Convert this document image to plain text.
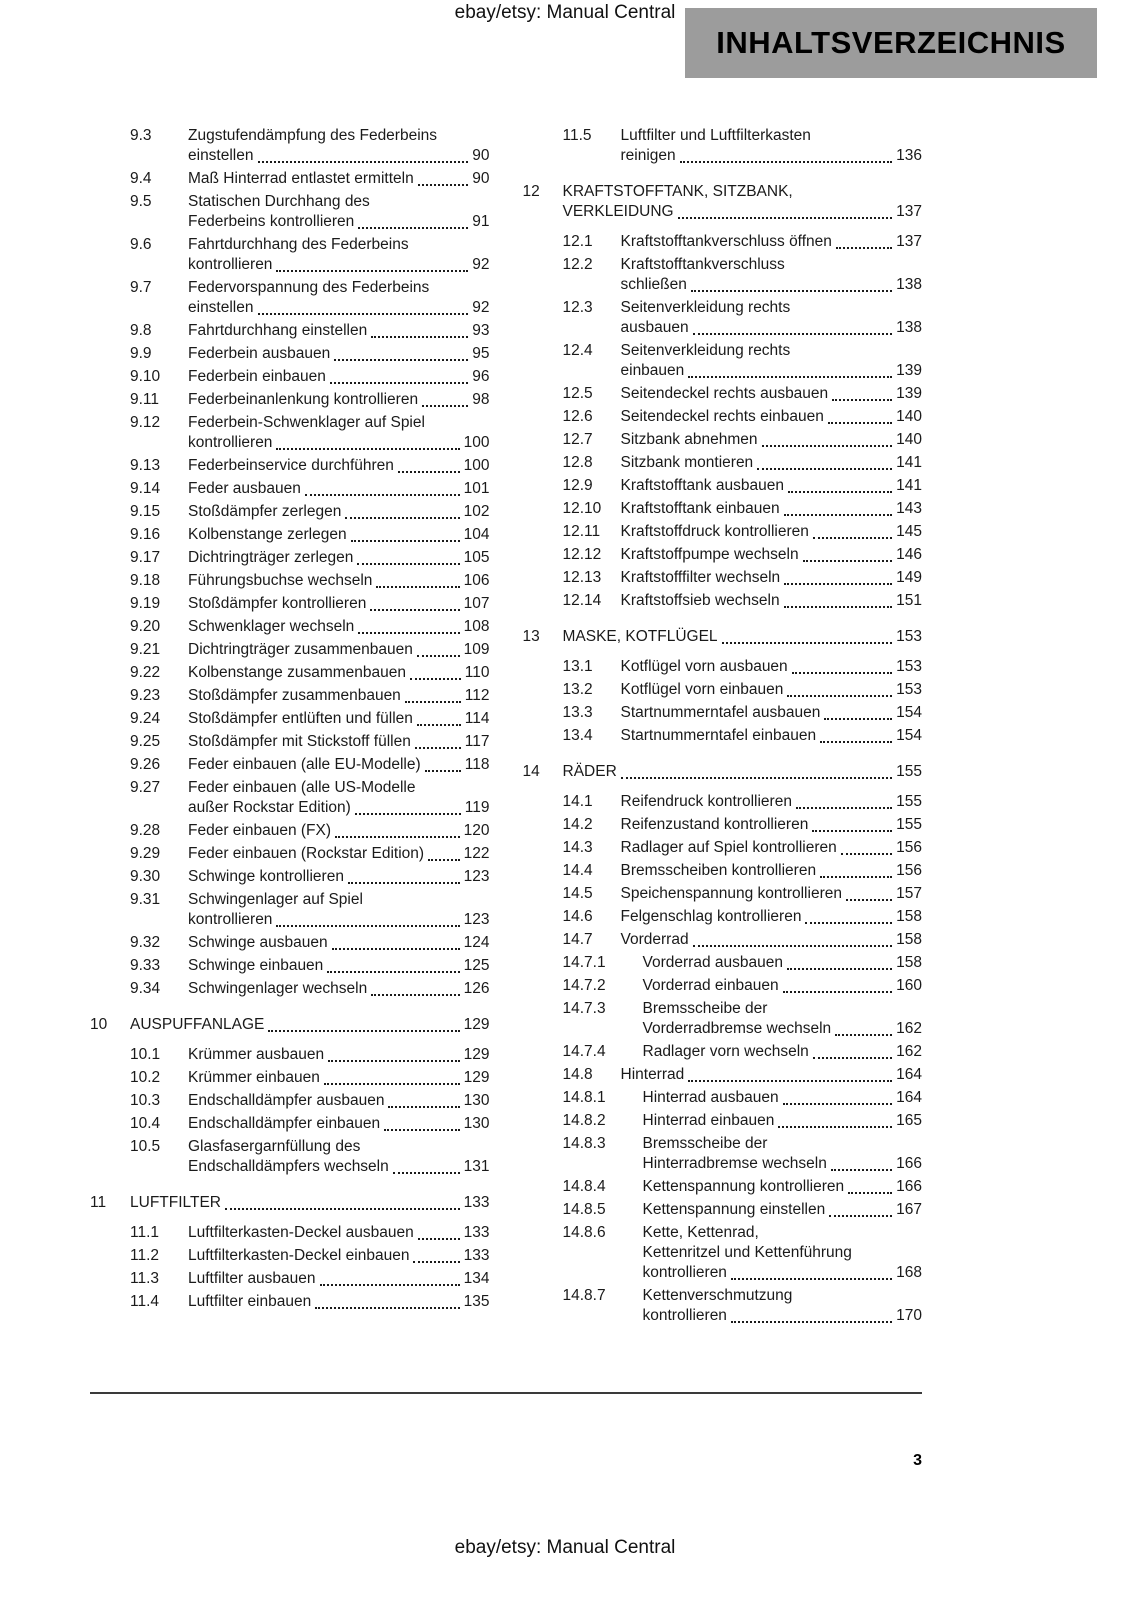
ebay/etsy: Manual Central
INHALTSVERZEICHNIS
9.3	Zugstufendämpfung des Federbeins
einstellen	90
9.4	Maß Hinterrad entlastet ermitteln	90
9.5	Statischen Durchhang des
Federbeins kontrollieren	91
9.6	Fahrtdurchhang des Federbeins
kontrollieren	92
9.7	Federvorspannung des Federbeins
einstellen	92
9.8	Fahrtdurchhang einstellen	93
9.9	Federbein ausbauen	95
9.10	Federbein einbauen	96
9.11	Federbeinanlenkung kontrollieren	98
9.12	Federbein-Schwenklager auf Spiel
kontrollieren	100
9.13	Federbeinservice durchführen	100
9.14	Feder ausbauen	101
9.15	Stoßdämpfer zerlegen	102
9.16	Kolbenstange zerlegen	104
9.17	Dichtringträger zerlegen	105
9.18	Führungsbuchse wechseln	106
9.19	Stoßdämpfer kontrollieren	107
9.20	Schwenklager wechseln	108
9.21	Dichtringträger zusammenbauen	109
9.22	Kolbenstange zusammenbauen	110
9.23	Stoßdämpfer zusammenbauen	112
9.24	Stoßdämpfer entlüften und füllen	114
9.25	Stoßdämpfer mit Stickstoff füllen	117
9.26	Feder einbauen (alle EU-Modelle)	118
9.27	Feder einbauen (alle US-Modelle
außer Rockstar Edition)	119
9.28	Feder einbauen (FX)	120
9.29	Feder einbauen (Rockstar Edition)	122
9.30	Schwinge kontrollieren	123
9.31	Schwingenlager auf Spiel
kontrollieren	123
9.32	Schwinge ausbauen	124
9.33	Schwinge einbauen	125
9.34	Schwingenlager wechseln	126
10	AUSPUFFANLAGE	129
10.1	Krümmer ausbauen	129
10.2	Krümmer einbauen	129
10.3	Endschalldämpfer ausbauen	130
10.4	Endschalldämpfer einbauen	130
10.5	Glasfasergarnfüllung des
Endschalldämpfers wechseln	131
11	LUFTFILTER	133
11.1	Luftfilterkasten-Deckel ausbauen	133
11.2	Luftfilterkasten-Deckel einbauen	133
11.3	Luftfilter ausbauen	134
11.4	Luftfilter einbauen	135
11.5	Luftfilter und Luftfilterkasten
reinigen	136
12	KRAFTSTOFFTANK, SITZBANK,
VERKLEIDUNG	137
12.1	Kraftstofftankverschluss öffnen	137
12.2	Kraftstofftankverschluss
schließen	138
12.3	Seitenverkleidung rechts
ausbauen	138
12.4	Seitenverkleidung rechts
einbauen	139
12.5	Seitendeckel rechts ausbauen	139
12.6	Seitendeckel rechts einbauen	140
12.7	Sitzbank abnehmen	140
12.8	Sitzbank montieren	141
12.9	Kraftstofftank ausbauen	141
12.10	Kraftstofftank einbauen	143
12.11	Kraftstoffdruck kontrollieren	145
12.12	Kraftstoffpumpe wechseln	146
12.13	Kraftstofffilter wechseln	149
12.14	Kraftstoffsieb wechseln	151
13	MASKE, KOTFLÜGEL	153
13.1	Kotflügel vorn ausbauen	153
13.2	Kotflügel vorn einbauen	153
13.3	Startnummerntafel ausbauen	154
13.4	Startnummerntafel einbauen	154
14	RÄDER	155
14.1	Reifendruck kontrollieren	155
14.2	Reifenzustand kontrollieren	155
14.3	Radlager auf Spiel kontrollieren	156
14.4	Bremsscheiben kontrollieren	156
14.5	Speichenspannung kontrollieren	157
14.6	Felgenschlag kontrollieren	158
14.7	Vorderrad	158
14.7.1	Vorderrad ausbauen	158
14.7.2	Vorderrad einbauen	160
14.7.3	Bremsscheibe der
Vorderradbremse wechseln	162
14.7.4	Radlager vorn wechseln	162
14.8	Hinterrad	164
14.8.1	Hinterrad ausbauen	164
14.8.2	Hinterrad einbauen	165
14.8.3	Bremsscheibe der
Hinterradbremse wechseln	166
14.8.4	Kettenspannung kontrollieren	166
14.8.5	Kettenspannung einstellen	167
14.8.6	Kette, Kettenrad,
Kettenritzel und Kettenführung
kontrollieren	168
14.8.7	Kettenverschmutzung
kontrollieren	170
3
ebay/etsy: Manual Central
